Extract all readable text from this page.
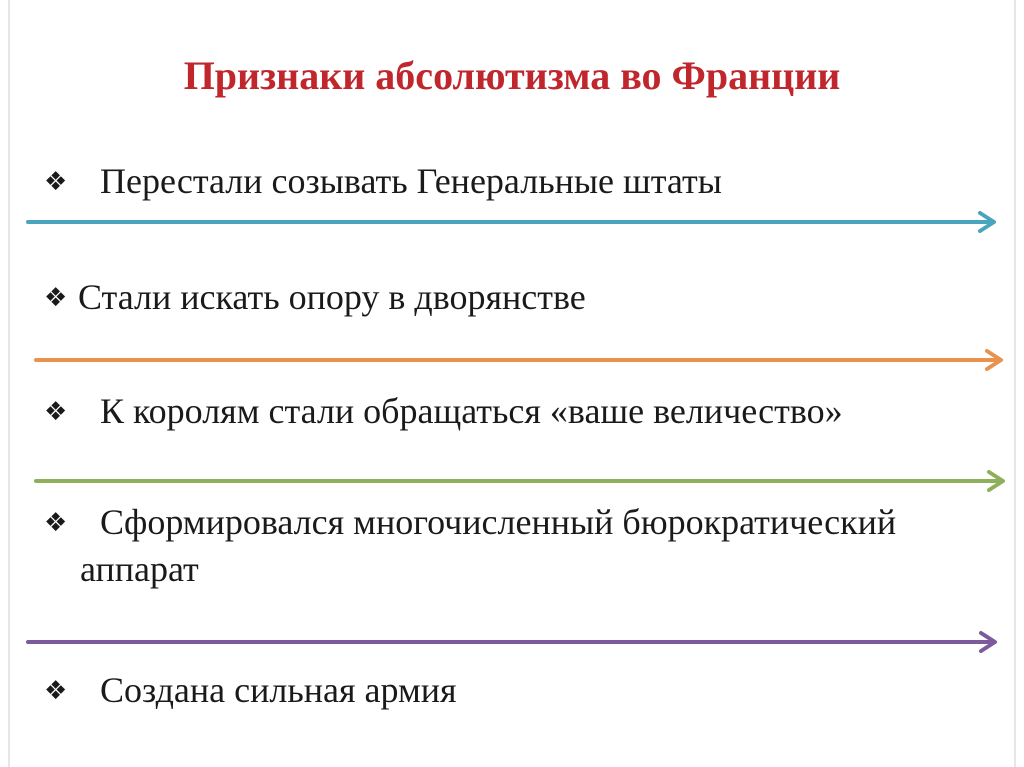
Признаки абсолютизма во Франции

❖ Перестали созывать Генеральные штаты

❖ Стали искать опору в дворянстве

❖ К королям стали обращаться «ваше величество»

❖ Сформировался многочисленный бюрократический
аппарат

❖ Создана сильная армия
